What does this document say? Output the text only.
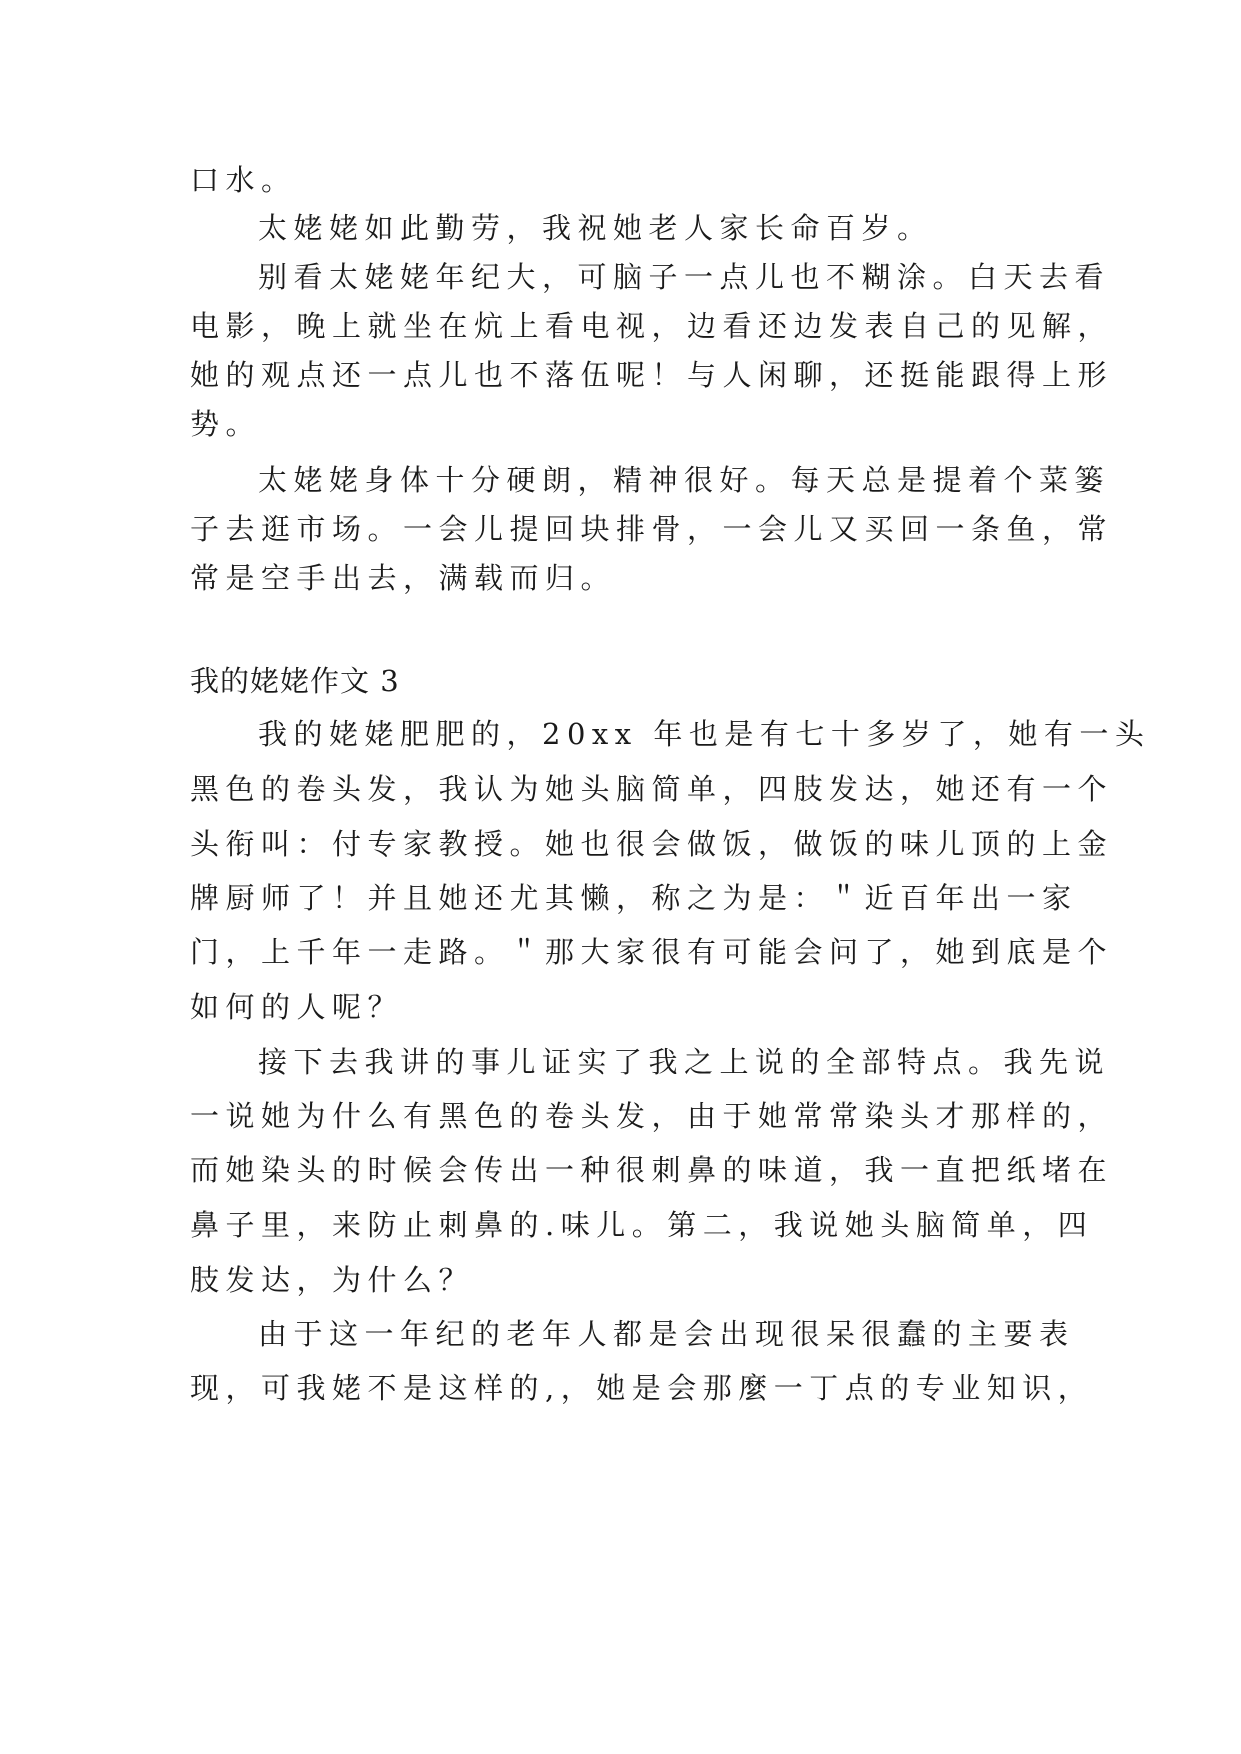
口水。
太姥姥如此勤劳，我祝她老人家长命百岁。
别看太姥姥年纪大，可脑子一点儿也不糊涂。白天去看
电影，晚上就坐在炕上看电视，边看还边发表自己的见解，
她的观点还一点儿也不落伍呢！与人闲聊，还挺能跟得上形
势。
太姥姥身体十分硬朗，精神很好。每天总是提着个菜篓
子去逛市场。一会儿提回块排骨，一会儿又买回一条鱼，常
常是空手出去，满载而归。
我的姥姥作文 3
我的姥姥肥肥的，20xx 年也是有七十多岁了，她有一头
黑色的卷头发，我认为她头脑简单，四肢发达，她还有一个
头衔叫：付专家教授。她也很会做饭，做饭的味儿顶的上金
牌厨师了！并且她还尤其懒，称之为是：＂近百年出一家
门，上千年一走路。＂那大家很有可能会问了，她到底是个
如何的人呢？
接下去我讲的事儿证实了我之上说的全部特点。我先说
一说她为什么有黑色的卷头发，由于她常常染头才那样的，
而她染头的时候会传出一种很刺鼻的味道，我一直把纸堵在
鼻子里，来防止刺鼻的.味儿。第二，我说她头脑简单，四
肢发达，为什么？
由于这一年纪的老年人都是会出现很呆很蠢的主要表
现，可我姥不是这样的,，她是会那麼一丁点的专业知识，
